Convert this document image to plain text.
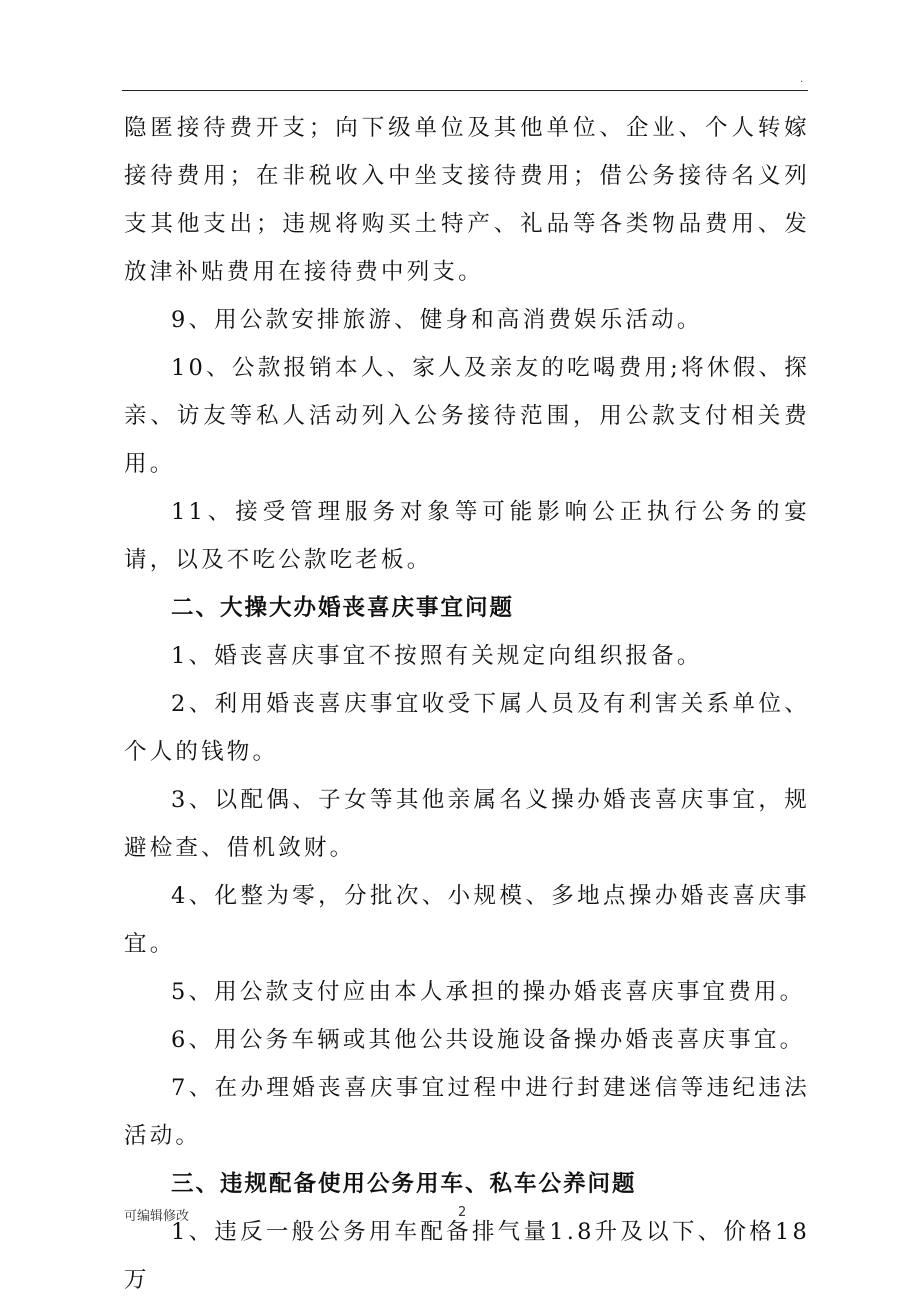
.

隐匿接待费开支；向下级单位及其他单位、企业、个人转嫁接待费用；在非税收入中坐支接待费用；借公务接待名义列支其他支出；违规将购买土特产、礼品等各类物品费用、发放津补贴费用在接待费中列支。

9、用公款安排旅游、健身和高消费娱乐活动。

10、公款报销本人、家人及亲友的吃喝费用;将休假、探亲、访友等私人活动列入公务接待范围，用公款支付相关费用。

11、接受管理服务对象等可能影响公正执行公务的宴请，以及不吃公款吃老板。

二、大操大办婚丧喜庆事宜问题

1、婚丧喜庆事宜不按照有关规定向组织报备。

2、利用婚丧喜庆事宜收受下属人员及有利害关系单位、个人的钱物。

3、以配偶、子女等其他亲属名义操办婚丧喜庆事宜，规避检查、借机敛财。

4、化整为零，分批次、小规模、多地点操办婚丧喜庆事宜。

5、用公款支付应由本人承担的操办婚丧喜庆事宜费用。

6、用公务车辆或其他公共设施设备操办婚丧喜庆事宜。

7、在办理婚丧喜庆事宜过程中进行封建迷信等违纪违法活动。

三、违规配备使用公务用车、私车公养问题

1、违反一般公务用车配备排气量1.8升及以下、价格18万

可编辑修改	2
